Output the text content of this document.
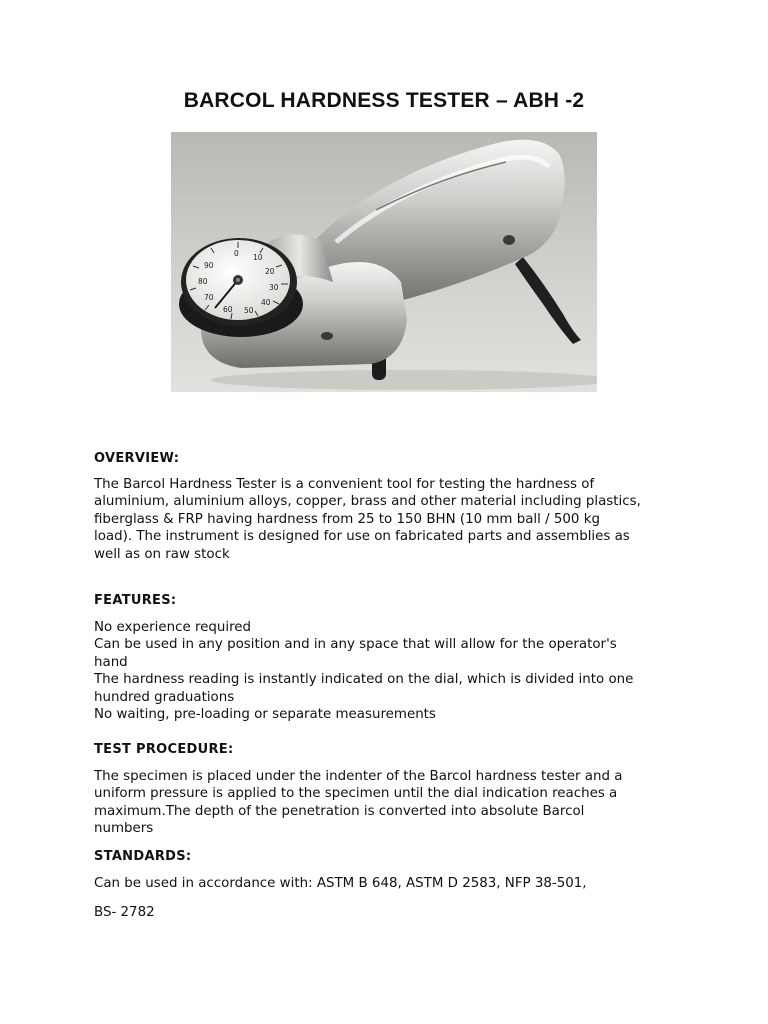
BARCOL HARDNESS TESTER – ABH -2
0 10
20
30
40
50
60
70
80
90
OVERVIEW:
The Barcol Hardness Tester is a convenient tool for testing the hardness of
aluminium, aluminium alloys, copper, brass and other material including plastics,
fiberglass & FRP having hardness from 25 to 150 BHN (10 mm ball / 500 kg
load). The instrument is designed for use on fabricated parts and assemblies as
well as on raw stock
FEATURES:
No experience required
Can be used in any position and in any space that will allow for the operator's
hand
The hardness reading is instantly indicated on the dial, which is divided into one
hundred graduations
No waiting, pre-loading or separate measurements
TEST PROCEDURE:
The specimen is placed under the indenter of the Barcol hardness tester and a
uniform pressure is applied to the specimen until the dial indication reaches a
maximum.The depth of the penetration is converted into absolute Barcol
numbers
STANDARDS:
Can be used in accordance with: ASTM B 648, ASTM D 2583, NFP 38-501,
BS- 2782
